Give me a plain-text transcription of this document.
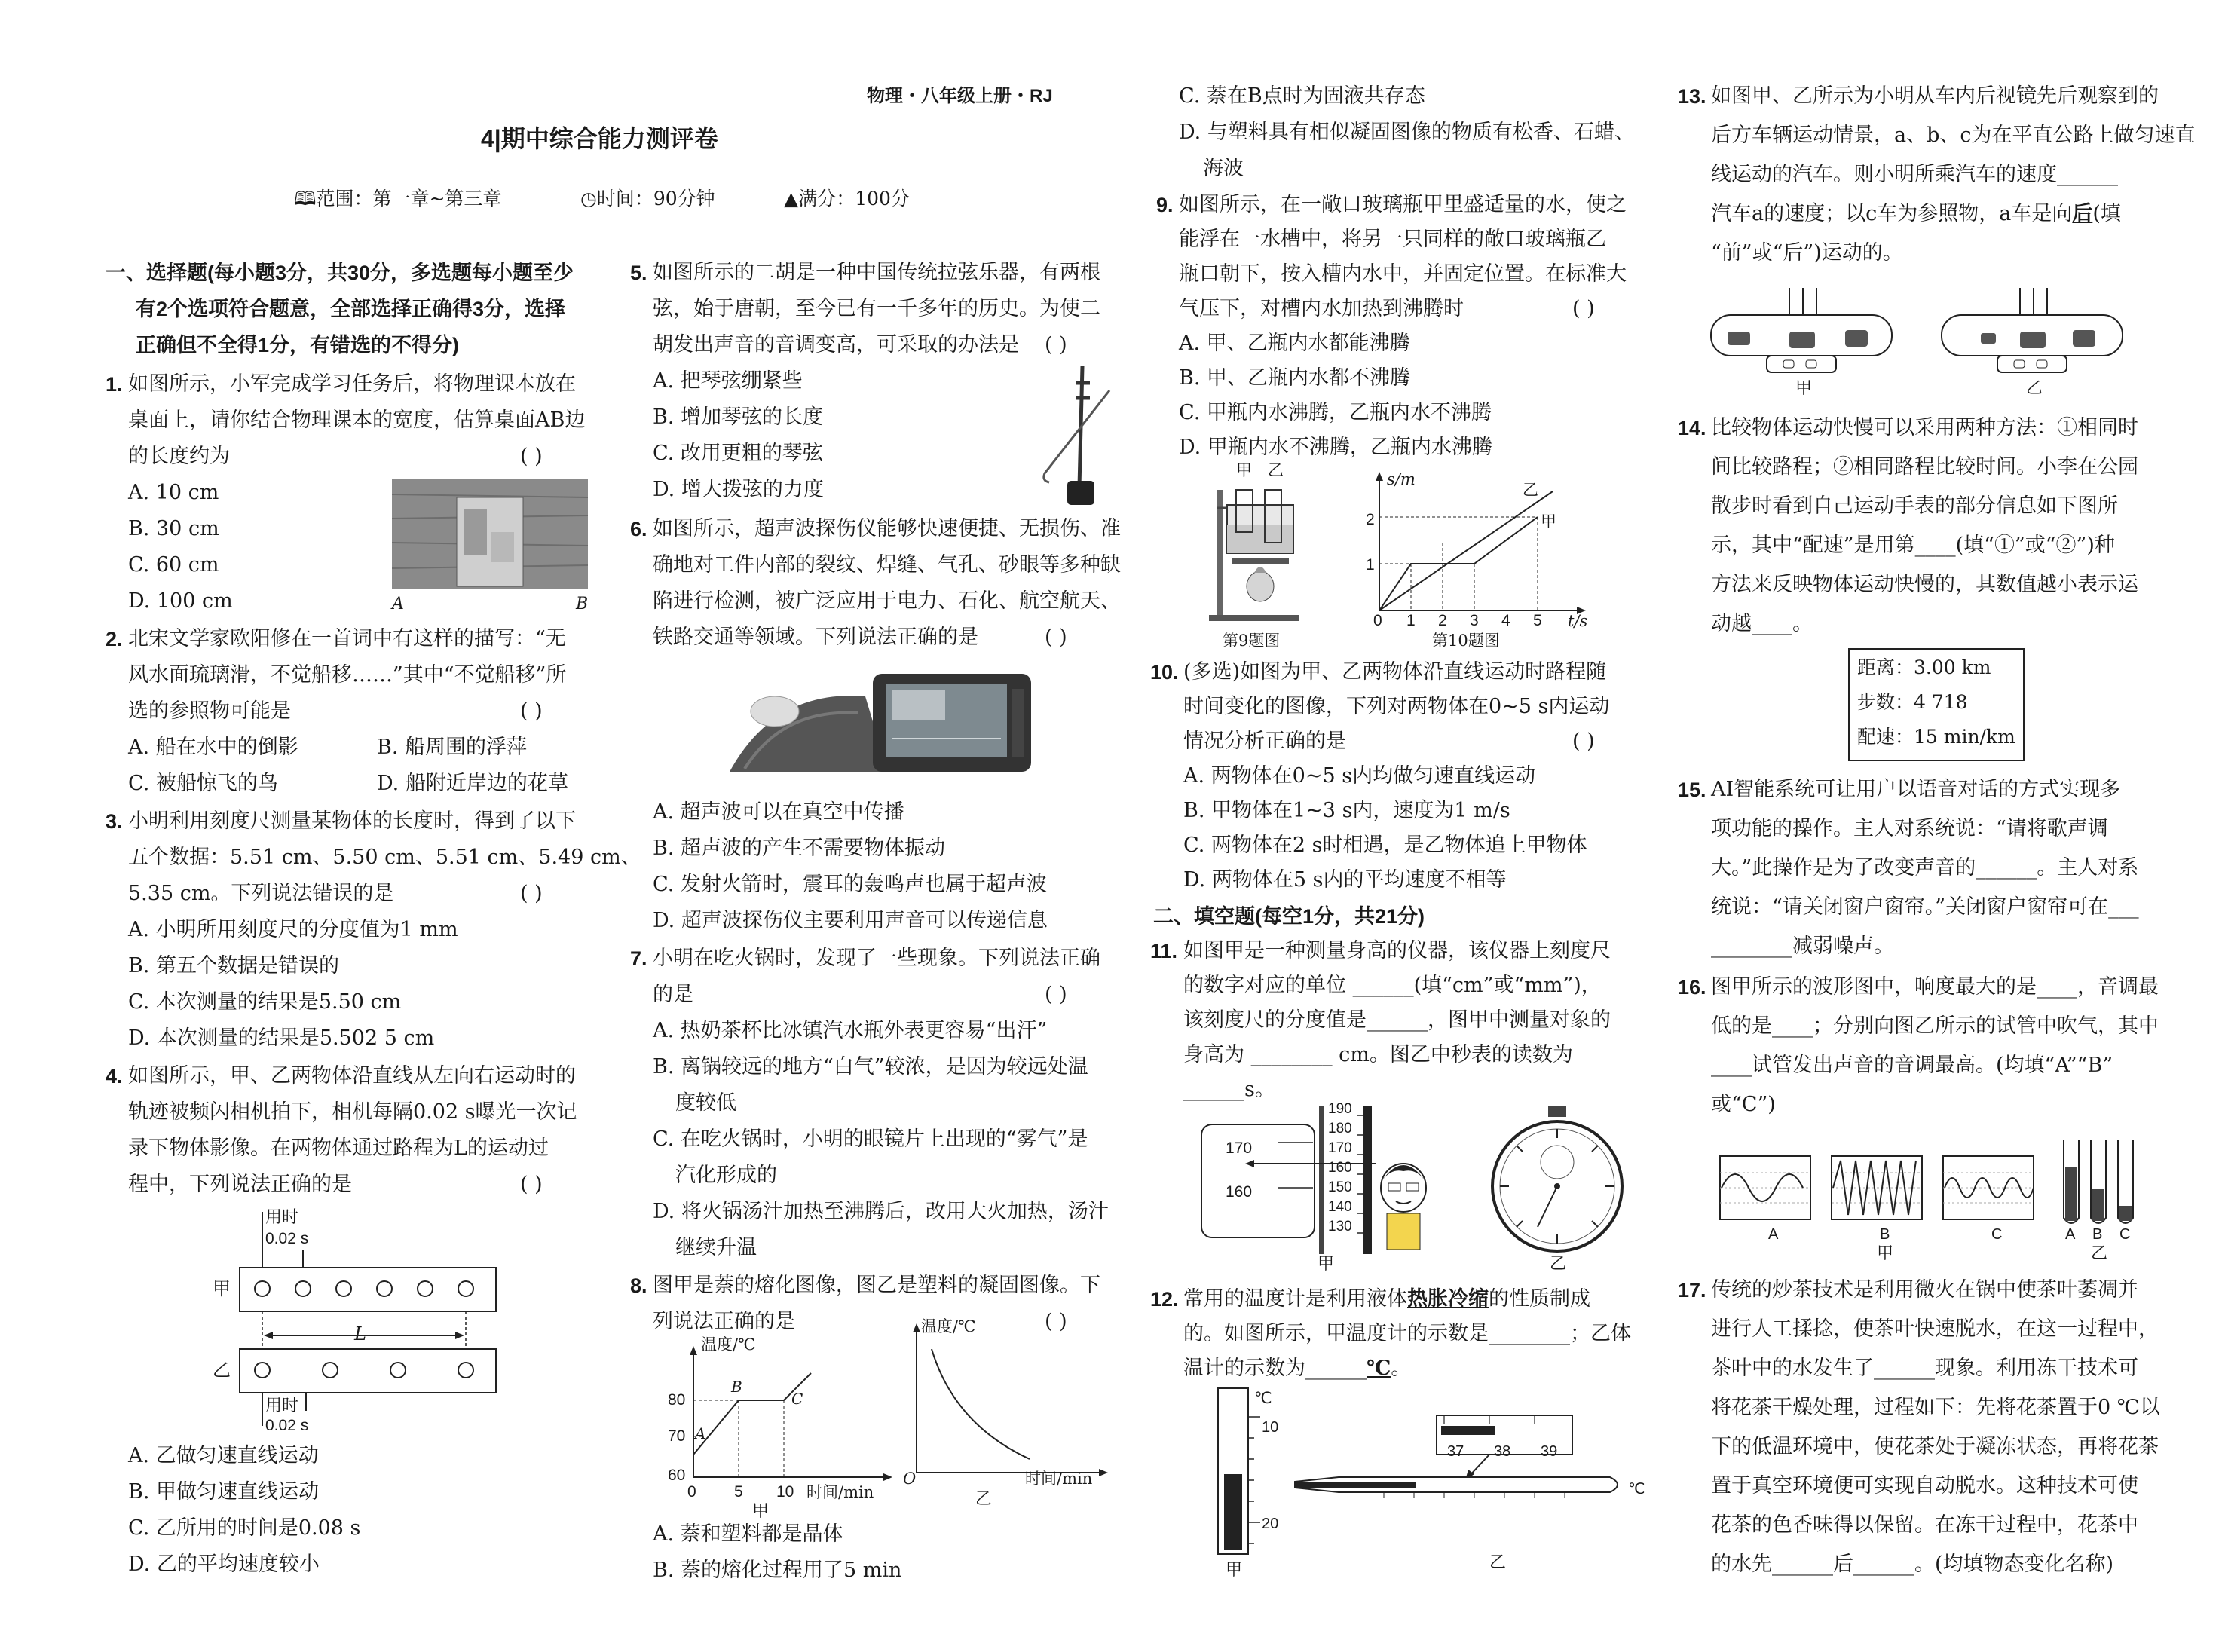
物理・八年级上册・RJ
4|期中综合能力测评卷
🕮范围：第一章~第三章	◷时间：90分钟	▲满分：100分
一、选择题(每小题3分，共30分，多选题每小题至少
有2个选项符合题意，全部选择正确得3分，选择
正确但不全得1分，有错选的不得分)
1. 如图所示，小军完成学习任务后，将物理课本放在
桌面上，请你结合物理课本的宽度，估算桌面AB边
的长度约为	( )
A. 10 cm
B. 30 cm
C. 60 cm
D. 100 cm	A	B
2. 北宋文学家欧阳修在一首词中有这样的描写：“无
风水面琉璃滑，不觉船移……”其中“不觉船移”所
选的参照物可能是	( )
A. 船在水中的倒影	B. 船周围的浮萍
C. 被船惊飞的鸟	D. 船附近岸边的花草
3. 小明利用刻度尺测量某物体的长度时，得到了以下
五个数据：5.51 cm、5.50 cm、5.51 cm、5.49 cm、
5.35 cm。下列说法错误的是	( )
A. 小明所用刻度尺的分度值为1 mm
B. 第五个数据是错误的
C. 本次测量的结果是5.50 cm
D. 本次测量的结果是5.502 5 cm
4. 如图所示，甲、乙两物体沿直线从左向右运动时的
轨迹被频闪相机拍下，相机每隔0.02 s曝光一次记
录下物体影像。在两物体通过路程为L的运动过
程中，下列说法正确的是	( )
用时
0.02 s
甲
L
乙
用时
0.02 s
A. 乙做匀速直线运动
B. 甲做匀速直线运动
C. 乙所用的时间是0.08 s
D. 乙的平均速度较小
5. 如图所示的二胡是一种中国传统拉弦乐器，有两根
弦，始于唐朝，至今已有一千多年的历史。为使二
胡发出声音的音调变高，可采取的办法是 ( )
A. 把琴弦绷紧些
B. 增加琴弦的长度
C. 改用更粗的琴弦
D. 增大拨弦的力度
6. 如图所示，超声波探伤仪能够快速便捷、无损伤、准
确地对工件内部的裂纹、焊缝、气孔、砂眼等多种缺
陷进行检测，被广泛应用于电力、石化、航空航天、
铁路交通等领域。下列说法正确的是	( )
A. 超声波可以在真空中传播
B. 超声波的产生不需要物体振动
C. 发射火箭时，震耳的轰鸣声也属于超声波
D. 超声波探伤仪主要利用声音可以传递信息
7. 小明在吃火锅时，发现了一些现象。下列说法正确
的是	( )
A. 热奶茶杯比冰镇汽水瓶外表更容易“出汗”
B. 离锅较远的地方“白气”较浓，是因为较远处温
度较低
C. 在吃火锅时，小明的眼镜片上出现的“雾气”是
汽化形成的
D. 将火锅汤汁加热至沸腾后，改用大火加热，汤汁
继续升温
8. 图甲是萘的熔化图像，图乙是塑料的凝固图像。下
列说法正确的是	( )
温度/℃
80
70
60
0 5 10 时间/min
A
B
C
甲
温度/℃
O	时间/min
乙
A. 萘和塑料都是晶体
B. 萘的熔化过程用了5 min
C. 萘在B点时为固液共存态
D. 与塑料具有相似凝固图像的物质有松香、石蜡、
海波
9. 如图所示，在一敞口玻璃瓶甲里盛适量的水，使之
能浮在一水槽中，将另一只同样的敞口玻璃瓶乙
瓶口朝下，按入槽内水中，并固定位置。在标准大
气压下，对槽内水加热到沸腾时	( )
A. 甲、乙瓶内水都能沸腾
B. 甲、乙瓶内水都不沸腾
C. 甲瓶内水沸腾，乙瓶内水不沸腾
D. 甲瓶内水不沸腾，乙瓶内水沸腾
甲 乙
第9题图
s/m
2
1
0 1 2 3 4 5 t/s
乙
甲
第10题图
10. (多选)如图为甲、乙两物体沿直线运动时路程随
时间变化的图像，下列对两物体在0~5 s内运动
情况分析正确的是	( )
A. 两物体在0~5 s内均做匀速直线运动
B. 甲物体在1~3 s内，速度为1 m/s
C. 两物体在2 s时相遇，是乙物体追上甲物体
D. 两物体在5 s内的平均速度不相等
二、填空题(每空1分，共21分)
11. 如图甲是一种测量身高的仪器，该仪器上刻度尺
的数字对应的单位 ______(填“cm”或“mm”)，
该刻度尺的分度值是______，图甲中测量对象的
身高为 ________ cm。图乙中秒表的读数为
______s。
170
160
190
180
170
160
150
140
130
甲	乙
12. 常用的温度计是利用液体热胀冷缩的性质制成
的。如图所示，甲温度计的示数是________；乙体
温计的示数为______℃。
℃
10
20
甲
37 38 39
℃
乙
13. 如图甲、乙所示为小明从车内后视镜先后观察到的
后方车辆运动情景，a、b、c为在平直公路上做匀速直
线运动的汽车。则小明所乘汽车的速度______
汽车a的速度；以c车为参照物，a车是向后(填
“前”或“后”)运动的。
甲	乙
14. 比较物体运动快慢可以采用两种方法：①相同时
间比较路程；②相同路程比较时间。小李在公园
散步时看到自己运动手表的部分信息如下图所
示，其中“配速”是用第____(填“①”或“②”)种
方法来反映物体运动快慢的，其数值越小表示运
动越____。
距离：3.00 km
步数：4 718
配速：15 min/km
15. AI智能系统可让用户以语音对话的方式实现多
项功能的操作。主人对系统说：“请将歌声调
大。”此操作是为了改变声音的______。主人对系
统说：“请关闭窗户窗帘。”关闭窗户窗帘可在___
________减弱噪声。
16. 图甲所示的波形图中，响度最大的是____，音调最
低的是____；分别向图乙所示的试管中吹气，其中
____试管发出声音的音调最高。(均填“A”“B”
或“C”)
A	B	C
甲
A B C
乙
17. 传统的炒茶技术是利用微火在锅中使茶叶萎凋并
进行人工揉捻，使茶叶快速脱水，在这一过程中，
茶叶中的水发生了______现象。利用冻干技术可
将花茶干燥处理，过程如下：先将花茶置于0 ℃以
下的低温环境中，使花茶处于凝冻状态，再将花茶
置于真空环境便可实现自动脱水。这种技术可使
花茶的色香味得以保留。在冻干过程中，花茶中
的水先______后______。(均填物态变化名称)
